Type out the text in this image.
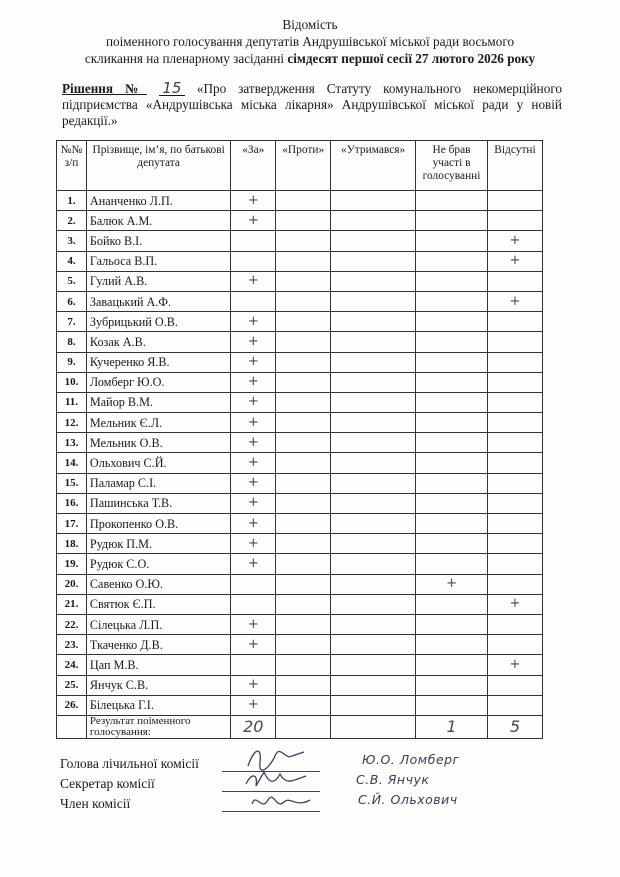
Відомість
поіменного голосування депутатів Андрушівської міської ради восьмого
скликання на пленарному засіданні сімдесят першої сесії 27 лютого 2026 року
Рішення № 15 «Про затвердження Статуту комунального некомерційного підприємства «Андрушівська міська лікарня» Андрушівської міської ради у новій редакції.»
№№ з/п	Прізвище, ім’я, по батькові депутата	«За»	«Проти»	«Утримався»	Не брав участі в голосуванні	Відсутні
1.	Ананченко Л.П.	+				
2.	Балюк А.М.	+				
3.	Бойко В.І.					+
4.	Гальоса В.П.					+
5.	Гулий А.В.	+				
6.	Завацький А.Ф.					+
7.	Зубрицький О.В.	+				
8.	Козак А.В.	+				
9.	Кучеренко Я.В.	+				
10.	Ломберг Ю.О.	+				
11.	Майор В.М.	+				
12.	Мельник Є.Л.	+				
13.	Мельник О.В.	+				
14.	Ольхович С.Й.	+				
15.	Паламар С.І.	+				
16.	Пашинська Т.В.	+				
17.	Прокопенко О.В.	+				
18.	Рудюк П.М.	+				
19.	Рудюк С.О.	+				
20.	Савенко О.Ю.				+	
21.	Святюк Є.П.					+
22.	Сілецька Л.П.	+				
23.	Ткаченко Д.В.	+				
24.	Цап М.В.					+
25.	Янчук С.В.	+				
26.	Білецька Г.І.	+				
	Результат поіменного голосування:	20			1	5
Голова лічильної комісії
Секретар комісії
Член комісії
Ю.О. Ломберг
С.В. Янчук
С.Й. Ольхович
